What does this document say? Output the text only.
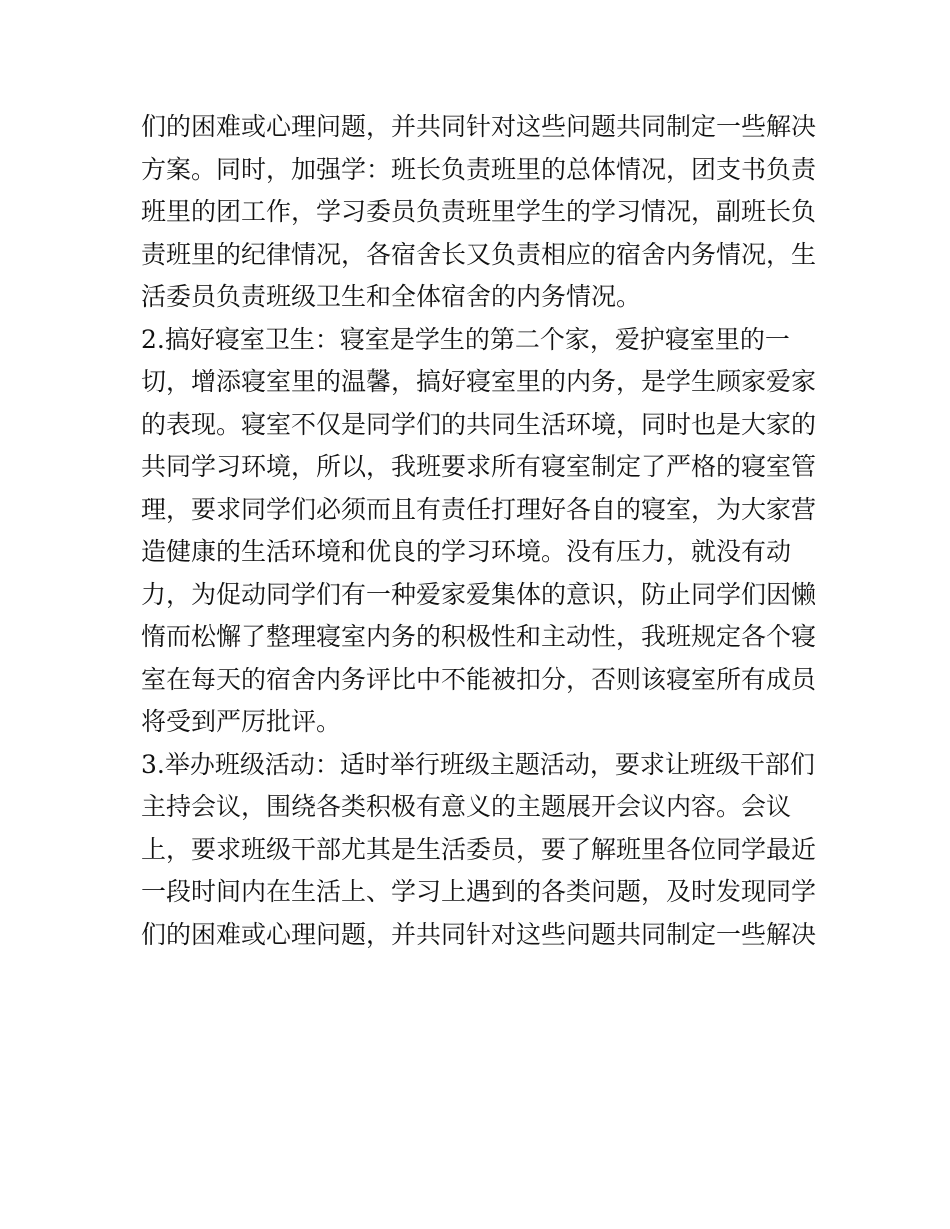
们的困难或心理问题，并共同针对这些问题共同制定一些解决
方案。同时，加强学：班长负责班里的总体情况，团支书负责
班里的团工作，学习委员负责班里学生的学习情况，副班长负
责班里的纪律情况，各宿舍长又负责相应的宿舍内务情况，生
活委员负责班级卫生和全体宿舍的内务情况。
2.搞好寝室卫生：寝室是学生的第二个家，爱护寝室里的一
切，增添寝室里的温馨，搞好寝室里的内务，是学生顾家爱家
的表现。寝室不仅是同学们的共同生活环境，同时也是大家的
共同学习环境，所以，我班要求所有寝室制定了严格的寝室管
理，要求同学们必须而且有责任打理好各自的寝室，为大家营
造健康的生活环境和优良的学习环境。没有压力，就没有动
力，为促动同学们有一种爱家爱集体的意识，防止同学们因懒
惰而松懈了整理寝室内务的积极性和主动性，我班规定各个寝
室在每天的宿舍内务评比中不能被扣分，否则该寝室所有成员
将受到严厉批评。
3.举办班级活动：适时举行班级主题活动，要求让班级干部们
主持会议，围绕各类积极有意义的主题展开会议内容。会议
上，要求班级干部尤其是生活委员，要了解班里各位同学最近
一段时间内在生活上、学习上遇到的各类问题，及时发现同学
们的困难或心理问题，并共同针对这些问题共同制定一些解决
